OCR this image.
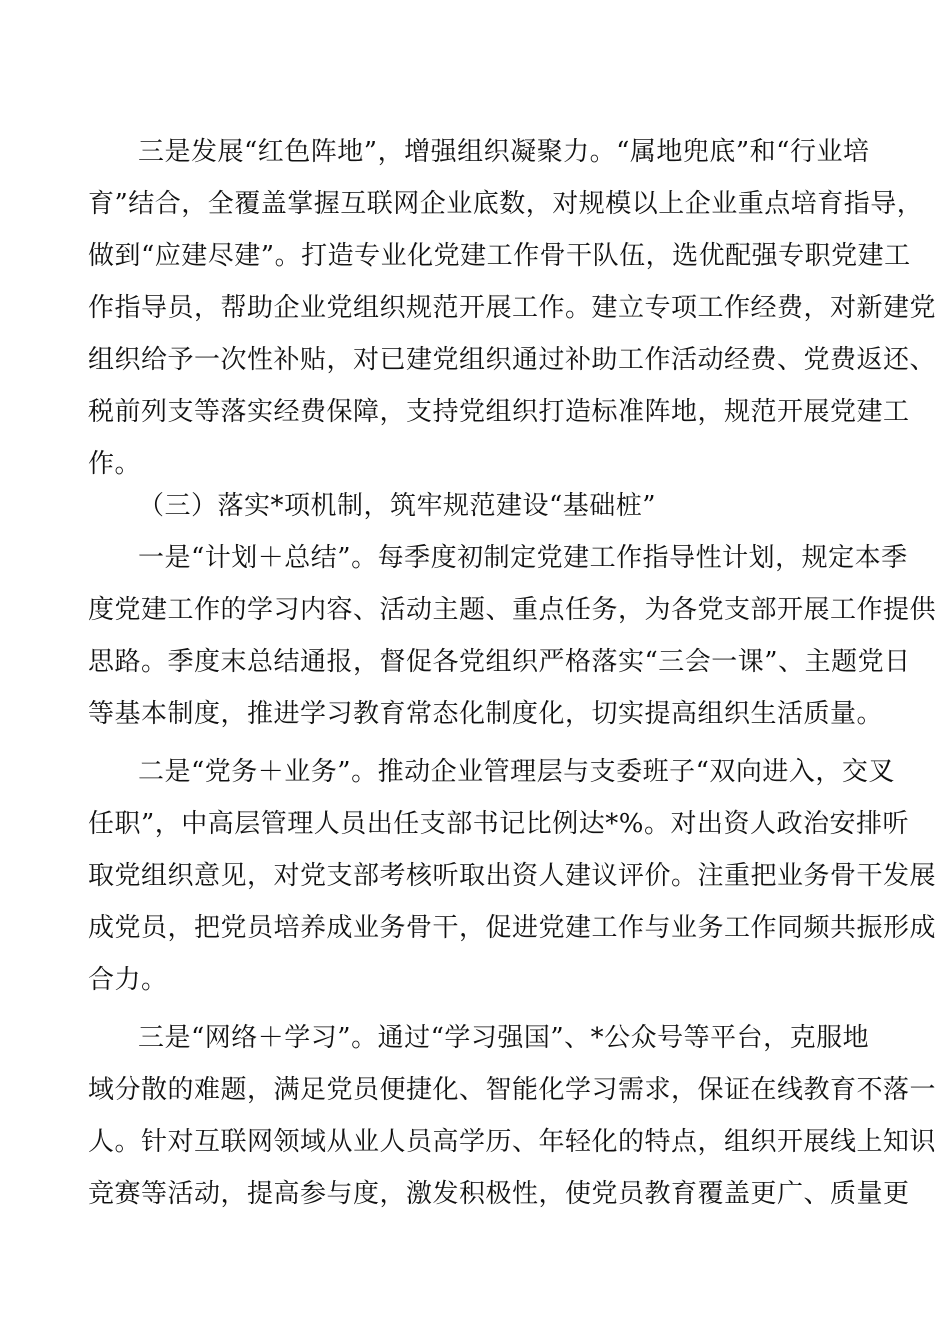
三是发展“红色阵地”，增强组织凝聚力。“属地兜底”和“行业培
育”结合，全覆盖掌握互联网企业底数，对规模以上企业重点培育指导，
做到“应建尽建”。打造专业化党建工作骨干队伍，选优配强专职党建工
作指导员，帮助企业党组织规范开展工作。建立专项工作经费，对新建党
组织给予一次性补贴，对已建党组织通过补助工作活动经费、党费返还、
税前列支等落实经费保障，支持党组织打造标准阵地，规范开展党建工
作。
（三）落实*项机制，筑牢规范建设“基础桩”
一是“计划＋总结”。每季度初制定党建工作指导性计划，规定本季
度党建工作的学习内容、活动主题、重点任务，为各党支部开展工作提供
思路。季度末总结通报，督促各党组织严格落实“三会一课”、主题党日
等基本制度，推进学习教育常态化制度化，切实提高组织生活质量。
二是“党务＋业务”。推动企业管理层与支委班子“双向进入，交叉
任职”，中高层管理人员出任支部书记比例达*%。对出资人政治安排听
取党组织意见，对党支部考核听取出资人建议评价。注重把业务骨干发展
成党员，把党员培养成业务骨干，促进党建工作与业务工作同频共振形成
合力。
三是“网络＋学习”。通过“学习强国”、*公众号等平台，克服地
域分散的难题，满足党员便捷化、智能化学习需求，保证在线教育不落一
人。针对互联网领域从业人员高学历、年轻化的特点，组织开展线上知识
竞赛等活动，提高参与度，激发积极性，使党员教育覆盖更广、质量更
